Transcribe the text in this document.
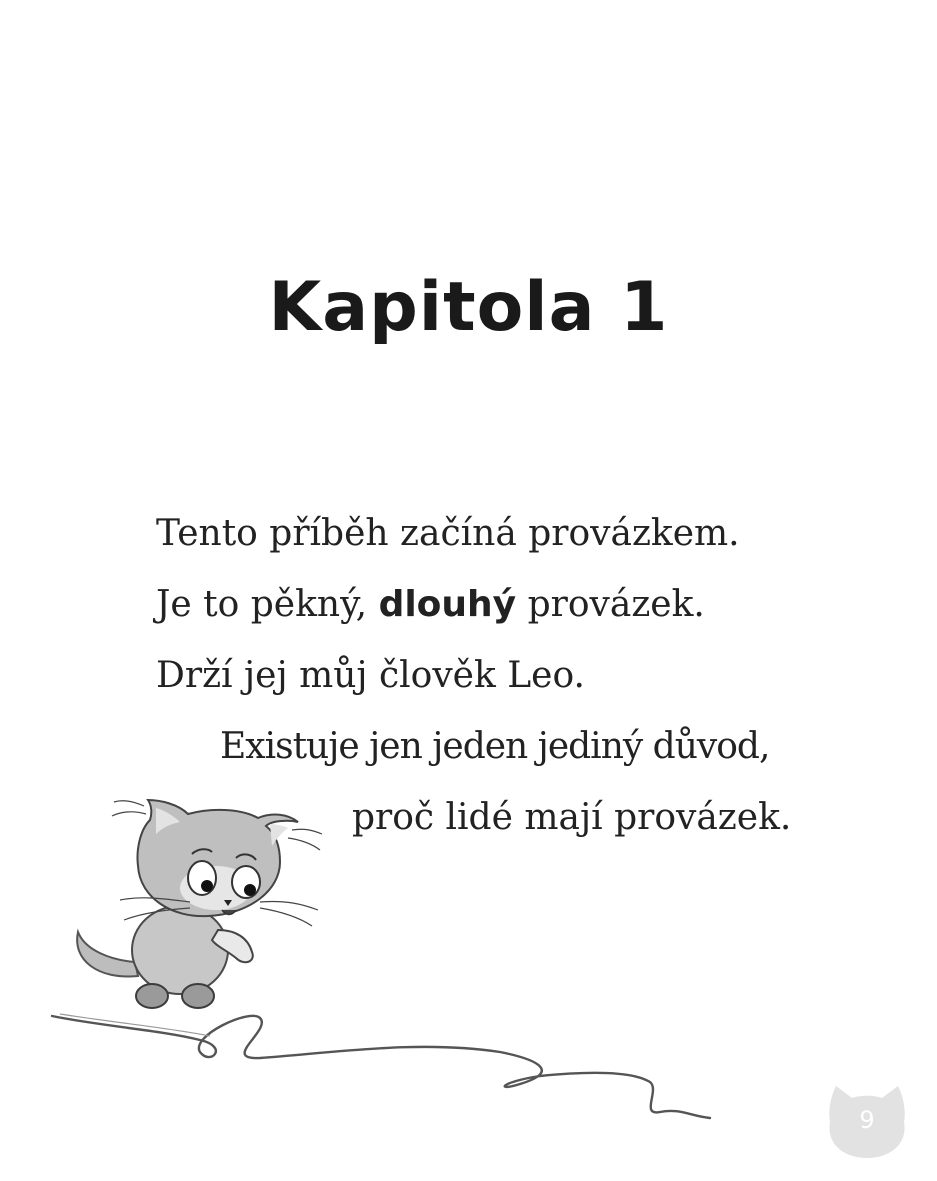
Kapitola 1
Tento příběh začíná provázkem.
Je to pěkný, dlouhý provázek.
Drží jej můj člověk Leo.
Existuje jen jeden jediný důvod,
proč lidé mají provázek.
9
